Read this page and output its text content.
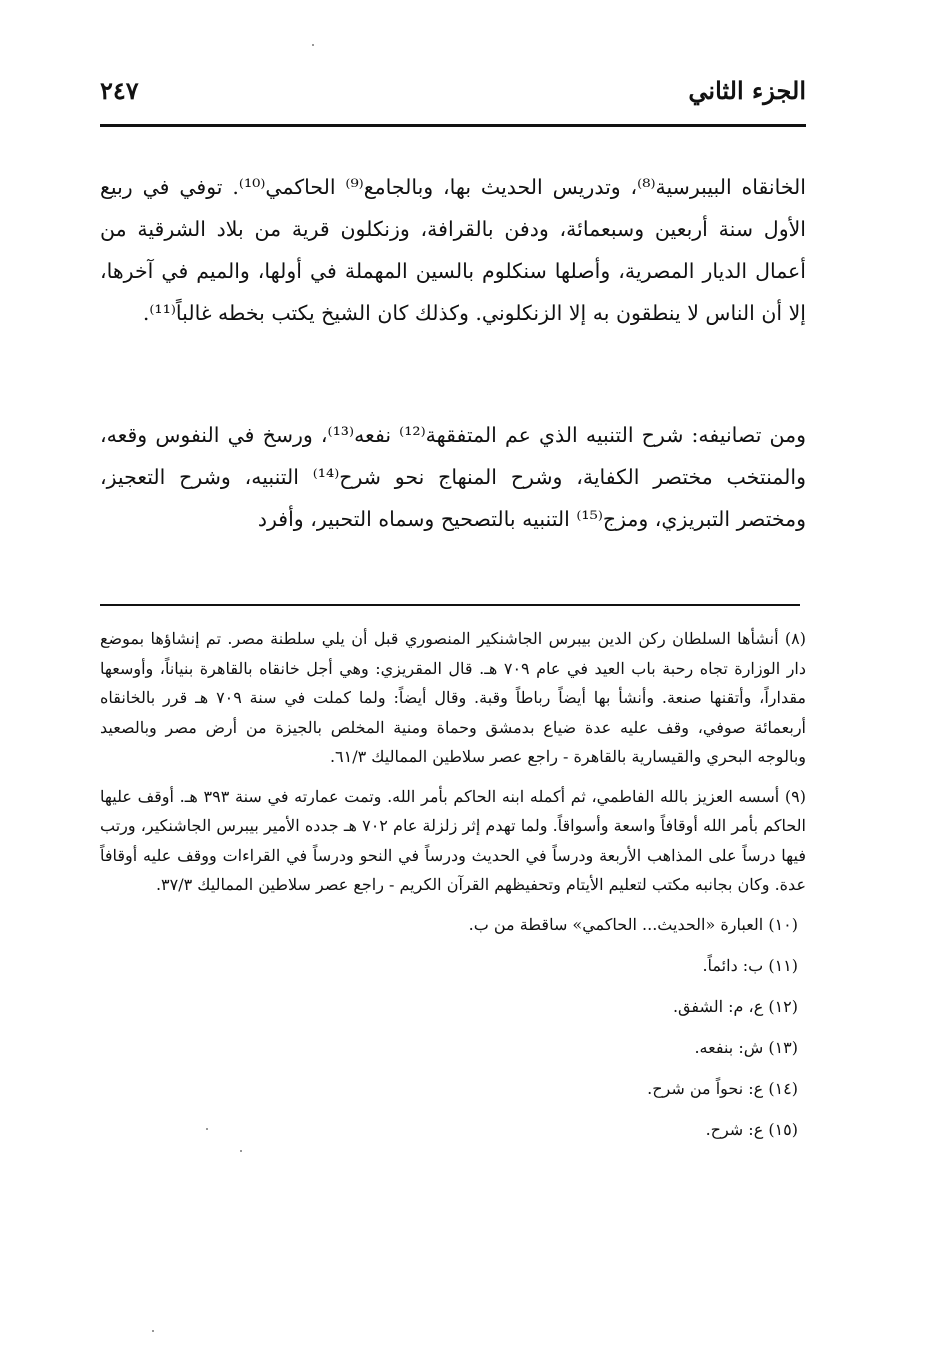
الجزء الثاني
٢٤٧

الخانقاه البيبرسية⁽⁸⁾، وتدريس الحديث بها، وبالجامع⁽⁹⁾ الحاكمي⁽¹⁰⁾. توفي في ربيع الأول سنة أربعين وسبعمائة، ودفن بالقرافة، وزنكلون قرية من بلاد الشرقية من أعمال الديار المصرية، وأصلها سنكلوم بالسين المهملة في أولها، والميم في آخرها، إلا أن الناس لا ينطقون به إلا الزنكلوني. وكذلك كان الشيخ يكتب بخطه غالباً⁽¹¹⁾.

ومن تصانيفه: شرح التنبيه الذي عم المتفقهة⁽¹²⁾ نفعه⁽¹³⁾، ورسخ في النفوس وقعه، والمنتخب مختصر الكفاية، وشرح المنهاج نحو شرح⁽¹⁴⁾ التنبيه، وشرح التعجيز، ومختصر التبريزي، ومزج⁽¹⁵⁾ التنبيه بالتصحيح وسماه التحبير، وأفرد

(٨) أنشأها السلطان ركن الدين بيبرس الجاشنكير المنصوري قبل أن يلي سلطنة مصر. تم إنشاؤها بموضع دار الوزارة تجاه رحبة باب العيد في عام ٧٠٩ هـ. قال المقريزي: وهي أجل خانقاه بالقاهرة بنياناً، وأوسعها مقداراً، وأتقنها صنعة. وأنشأ بها أيضاً رباطاً وقبة. وقال أيضاً: ولما كملت في سنة ٧٠٩ هـ قرر بالخانقاه أربعمائة صوفي، وقف عليه عدة ضياع بدمشق وحماة ومنية المخلص بالجيزة من أرض مصر وبالصعيد وبالوجه البحري والقيسارية بالقاهرة - راجع عصر سلاطين المماليك ٦١/٣.

(٩) أسسه العزيز بالله الفاطمي، ثم أكمله ابنه الحاكم بأمر الله. وتمت عمارته في سنة ٣٩٣ هـ. أوقف عليها الحاكم بأمر الله أوقافاً واسعة وأسواقاً. ولما تهدم إثر زلزلة عام ٧٠٢ هـ جدده الأمير بيبرس الجاشنكير، ورتب فيها درساً على المذاهب الأربعة ودرساً في الحديث ودرساً في النحو ودرساً في القراءات ووقف عليه أوقافاً عدة. وكان بجانبه مكتب لتعليم الأيتام وتحفيظهم القرآن الكريم - راجع عصر سلاطين المماليك ٣٧/٣.

(١٠) العبارة «الحديث... الحاكمي» ساقطة من ب.

(١١) ب: دائماً.

(١٢) ع، م: الشفق.

(١٣) ش: بنفعه.

(١٤) ع: نحواً من شرح.

(١٥) ع: شرح.
